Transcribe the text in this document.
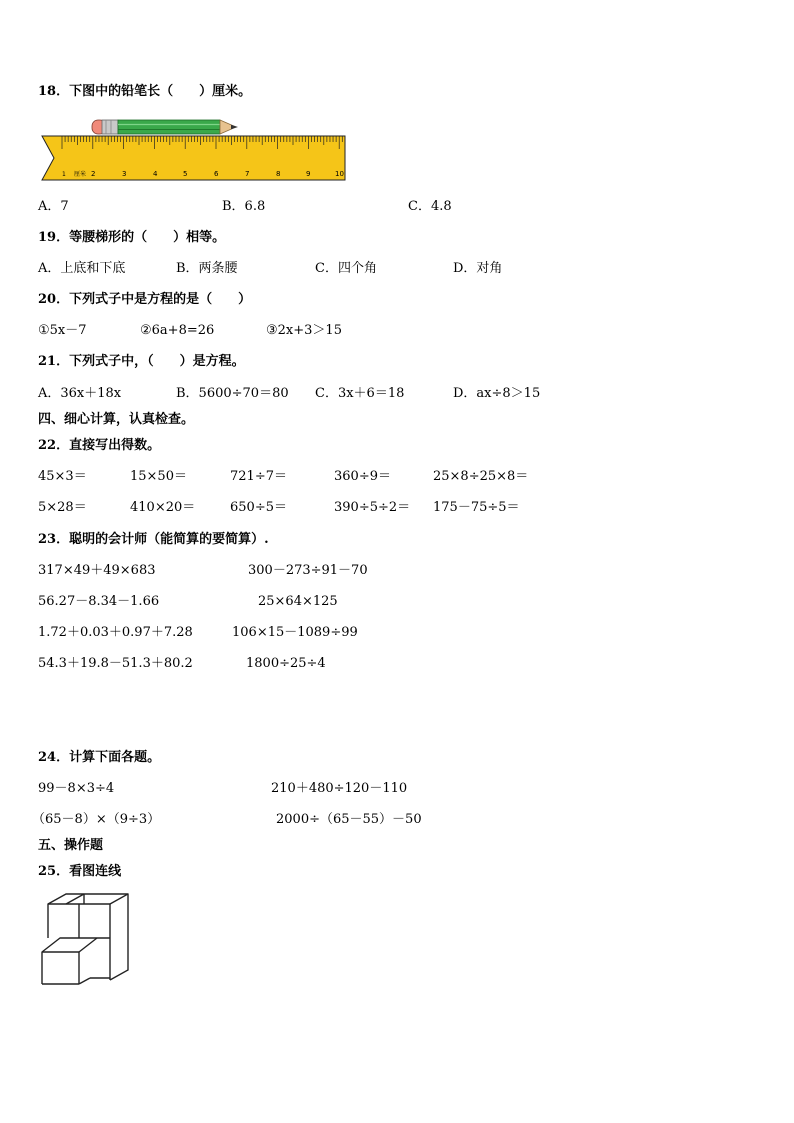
18．下图中的铅笔长（　　）厘米。
1 厘米 2	3	4	5	6	7	8	9	10
A．7	B．6.8	C．4.8
19．等腰梯形的（　　）相等。
A．上底和下底	B．两条腰	C．四个角	D．对角
20．下列式子中是方程的是（　　）
①5x－7	②6a+8=26	③2x+3＞15
21．下列式子中，（　　）是方程。
A．36x＋18x	B．5600÷70＝80 C．3x＋6＝18	D．ax÷8＞15
四、细心计算，认真检查。
22．直接写出得数。
45×3＝	15×50＝	721÷7＝	360÷9＝	25×8÷25×8＝
5×28＝	410×20＝	650÷5＝	390÷5÷2＝ 175－75÷5＝
23．聪明的会计师（能简算的要简算）.
317×49＋49×683	300－273÷91－70
56.27－8.34－1.66	25×64×125
1.72＋0.03＋0.97＋7.28	106×15－1089÷99
54.3＋19.8－51.3＋80.2	1800÷25÷4
24．计算下面各题。
99－8×3÷4	210＋480÷120－110
（65－8）×（9÷3）	2000÷（65－55）－50
五、操作题
25．看图连线
